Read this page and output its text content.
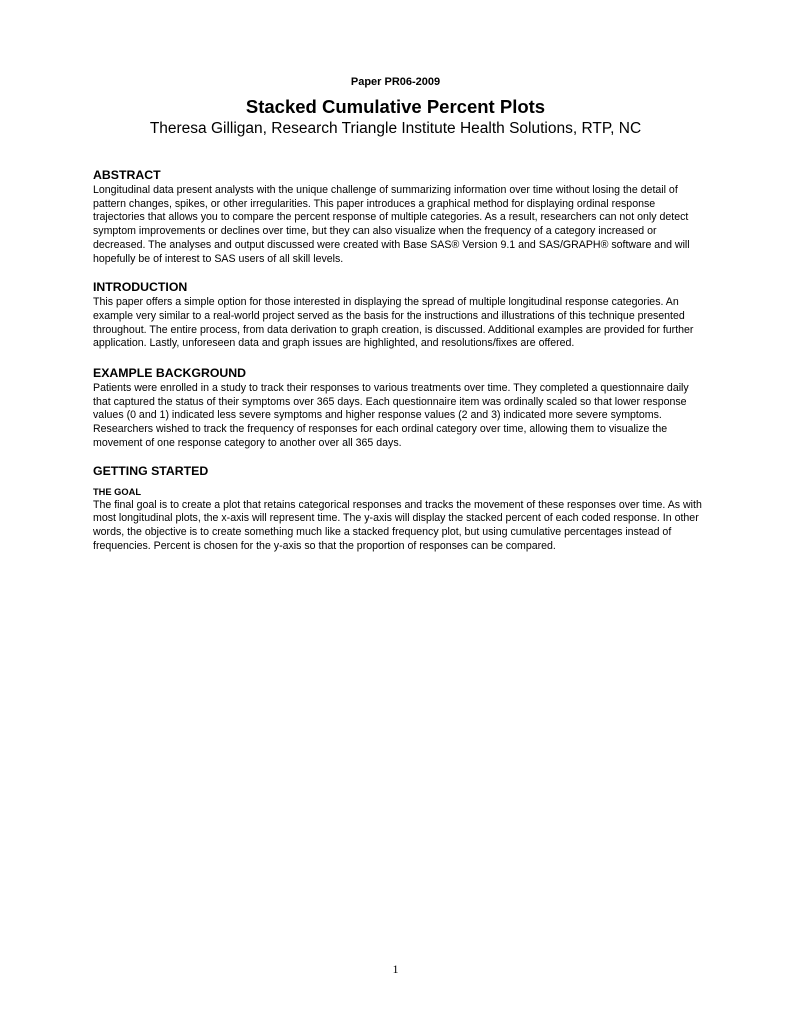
Paper PR06-2009
Stacked Cumulative Percent Plots
Theresa Gilligan, Research Triangle Institute Health Solutions, RTP, NC
ABSTRACT

Longitudinal data present analysts with the unique challenge of summarizing information over time without losing the detail of pattern changes, spikes, or other irregularities. This paper introduces a graphical method for displaying ordinal response trajectories that allows you to compare the percent response of multiple categories. As a result, researchers can not only detect symptom improvements or declines over time, but they can also visualize when the frequency of a category increased or decreased. The analyses and output discussed were created with Base SAS® Version 9.1 and SAS/GRAPH® software and will hopefully be of interest to SAS users of all skill levels.

INTRODUCTION

This paper offers a simple option for those interested in displaying the spread of multiple longitudinal response categories. An example very similar to a real-world project served as the basis for the instructions and illustrations of this technique presented throughout. The entire process, from data derivation to graph creation, is discussed. Additional examples are provided for further application. Lastly, unforeseen data and graph issues are highlighted, and resolutions/fixes are offered.

EXAMPLE BACKGROUND

Patients were enrolled in a study to track their responses to various treatments over time. They completed a questionnaire daily that captured the status of their symptoms over 365 days. Each questionnaire item was ordinally scaled so that lower response values (0 and 1) indicated less severe symptoms and higher response values (2 and 3) indicated more severe symptoms. Researchers wished to track the frequency of responses for each ordinal category over time, allowing them to visualize the movement of one response category to another over all 365 days.

GETTING STARTED
THE GOAL

The final goal is to create a plot that retains categorical responses and tracks the movement of these responses over time. As with most longitudinal plots, the x-axis will represent time. The y-axis will display the stacked percent of each coded response. In other words, the objective is to create something much like a stacked frequency plot, but using cumulative percentages instead of frequencies. Percent is chosen for the y-axis so that the proportion of responses can be compared.

1
